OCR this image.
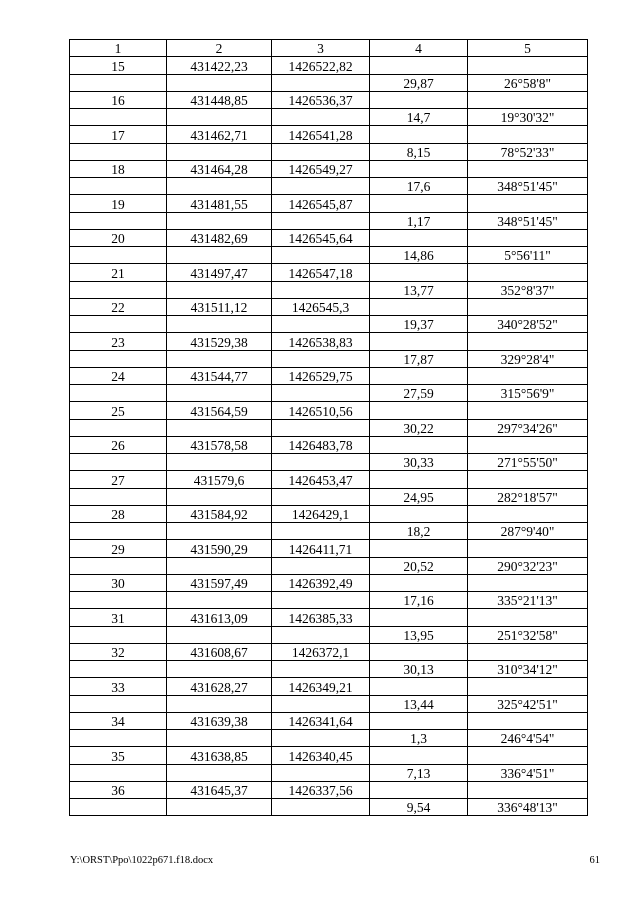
1	2	3	4	5
15	431422,23	1426522,82		
			29,87	26°58'8"
16	431448,85	1426536,37		
			14,7	19°30'32"
17	431462,71	1426541,28		
			8,15	78°52'33"
18	431464,28	1426549,27		
			17,6	348°51'45"
19	431481,55	1426545,87		
			1,17	348°51'45"
20	431482,69	1426545,64		
			14,86	5°56'11"
21	431497,47	1426547,18		
			13,77	352°8'37"
22	431511,12	1426545,3		
			19,37	340°28'52"
23	431529,38	1426538,83		
			17,87	329°28'4"
24	431544,77	1426529,75		
			27,59	315°56'9"
25	431564,59	1426510,56		
			30,22	297°34'26"
26	431578,58	1426483,78		
			30,33	271°55'50"
27	431579,6	1426453,47		
			24,95	282°18'57"
28	431584,92	1426429,1		
			18,2	287°9'40"
29	431590,29	1426411,71		
			20,52	290°32'23"
30	431597,49	1426392,49		
			17,16	335°21'13"
31	431613,09	1426385,33		
			13,95	251°32'58"
32	431608,67	1426372,1		
			30,13	310°34'12"
33	431628,27	1426349,21		
			13,44	325°42'51"
34	431639,38	1426341,64		
			1,3	246°4'54"
35	431638,85	1426340,45		
			7,13	336°4'51"
36	431645,37	1426337,56		
			9,54	336°48'13"
Y:\ORST\Ppo\1022p671.f18.docx	61
